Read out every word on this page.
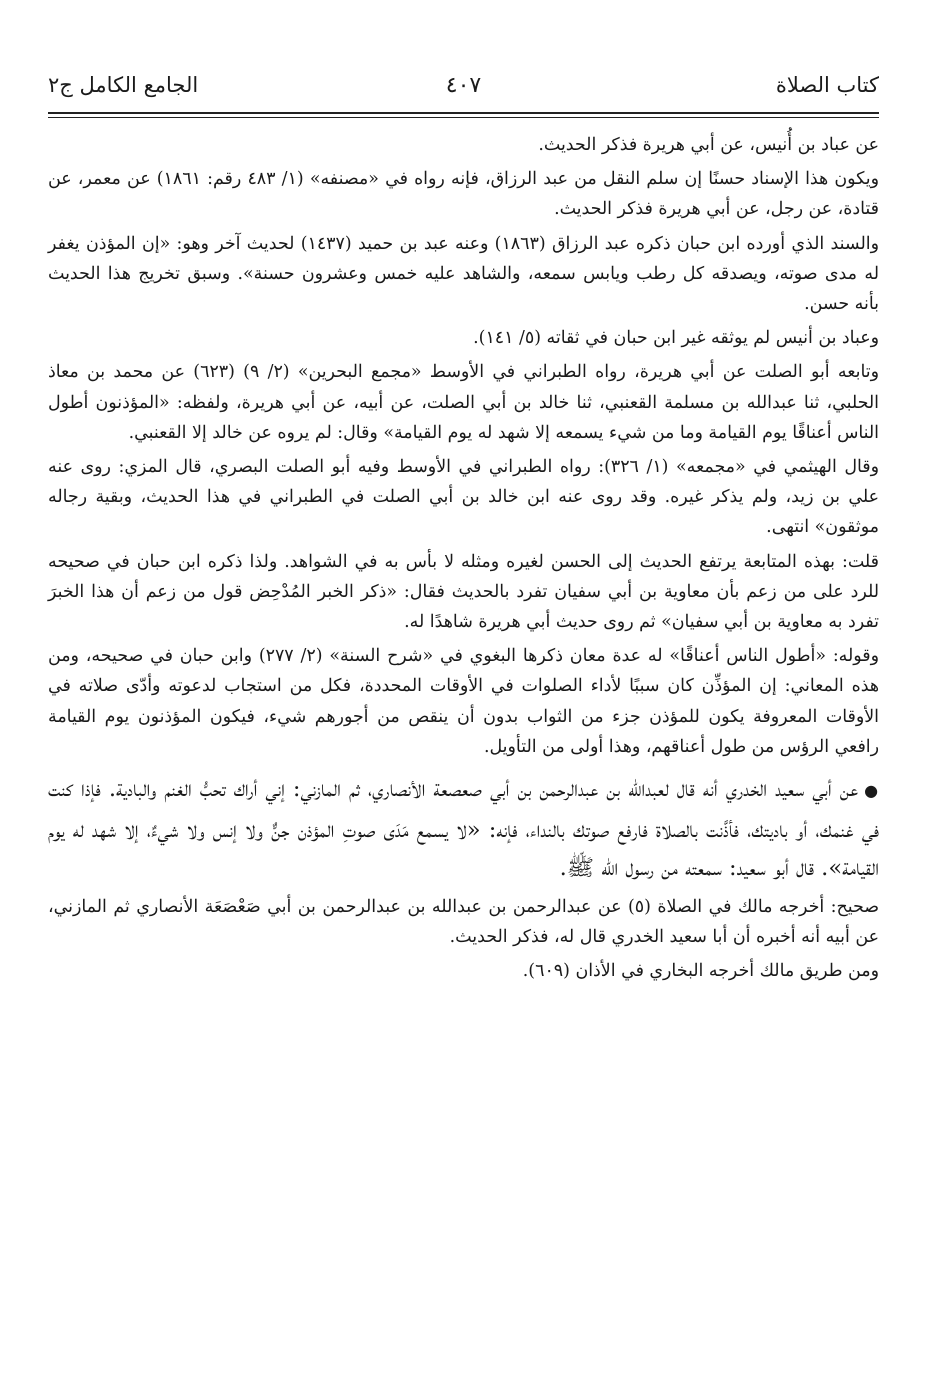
كتاب الصلاة
٤٠٧
الجامع الكامل ج٢

عن عباد بن أُنيس، عن أبي هريرة فذكر الحديث.

ويكون هذا الإسناد حسنًا إن سلم النقل من عبد الرزاق، فإنه رواه في «مصنفه» (١/ ٤٨٣ رقم: ١٨٦١) عن معمر، عن قتادة، عن رجل، عن أبي هريرة فذكر الحديث.

والسند الذي أورده ابن حبان ذكره عبد الرزاق (١٨٦٣) وعنه عبد بن حميد (١٤٣٧) لحديث آخر وهو: «إن المؤذن يغفر له مدى صوته، ويصدقه كل رطب ويابس سمعه، والشاهد عليه خمس وعشرون حسنة». وسبق تخريج هذا الحديث بأنه حسن.

وعباد بن أنيس لم يوثقه غير ابن حبان في ثقاته (٥/ ١٤١).

وتابعه أبو الصلت عن أبي هريرة، رواه الطبراني في الأوسط «مجمع البحرين» (٢/ ٩) (٦٢٣) عن محمد بن معاذ الحلبي، ثنا عبدالله بن مسلمة القعنبي، ثنا خالد بن أبي الصلت، عن أبيه، عن أبي هريرة، ولفظه: «المؤذنون أطول الناس أعناقًا يوم القيامة وما من شيء يسمعه إلا شهد له يوم القيامة» وقال: لم يروه عن خالد إلا القعنبي.

وقال الهيثمي في «مجمعه» (١/ ٣٢٦): رواه الطبراني في الأوسط وفيه أبو الصلت البصري، قال المزي: روى عنه علي بن زيد، ولم يذكر غيره. وقد روى عنه ابن خالد بن أبي الصلت في الطبراني في هذا الحديث، وبقية رجاله موثقون» انتهى.

قلت: بهذه المتابعة يرتفع الحديث إلى الحسن لغيره ومثله لا بأس به في الشواهد. ولذا ذكره ابن حبان في صحيحه للرد على من زعم بأن معاوية بن أبي سفيان تفرد بالحديث فقال: «ذكر الخبر المُدْحِض قول من زعم أن هذا الخبرَ تفرد به معاوية بن أبي سفيان» ثم روى حديث أبي هريرة شاهدًا له.

وقوله: «أطول الناس أعناقًا» له عدة معان ذكرها البغوي في «شرح السنة» (٢/ ٢٧٧) وابن حبان في صحيحه، ومن هذه المعاني: إن المؤذِّن كان سببًا لأداء الصلوات في الأوقات المحددة، فكل من استجاب لدعوته وأدّى صلاته في الأوقات المعروفة يكون للمؤذن جزء من الثواب بدون أن ينقص من أجورهم شيء، فيكون المؤذنون يوم القيامة رافعي الرؤس من طول أعناقهم، وهذا أولى من التأويل.

●عن أبي سعيد الخدري أنه قال لعبدالله بن عبدالرحمن بن أبي صعصعة الأنصاري، ثم المازني: إني أراك تحبُّ الغنم والبادية. فإذا كنت في غنمك، أو باديتك، فأذَّنت بالصلاة فارفع صوتك بالنداء، فإنه: «لا يسمع مَدَى صوتِ المؤذن جنٌّ ولا إنس ولا شيءٌ، إلا شهد له يوم القيامة». قال أبو سعيد: سمعته من رسول الله ﷺ.

صحيح: أخرجه مالك في الصلاة (٥) عن عبدالرحمن بن عبدالله بن عبدالرحمن بن أبي صَعْصَعَة الأنصاري ثم المازني، عن أبيه أنه أخبره أن أبا سعيد الخدري قال له، فذكر الحديث.

ومن طريق مالك أخرجه البخاري في الأذان (٦٠٩).
